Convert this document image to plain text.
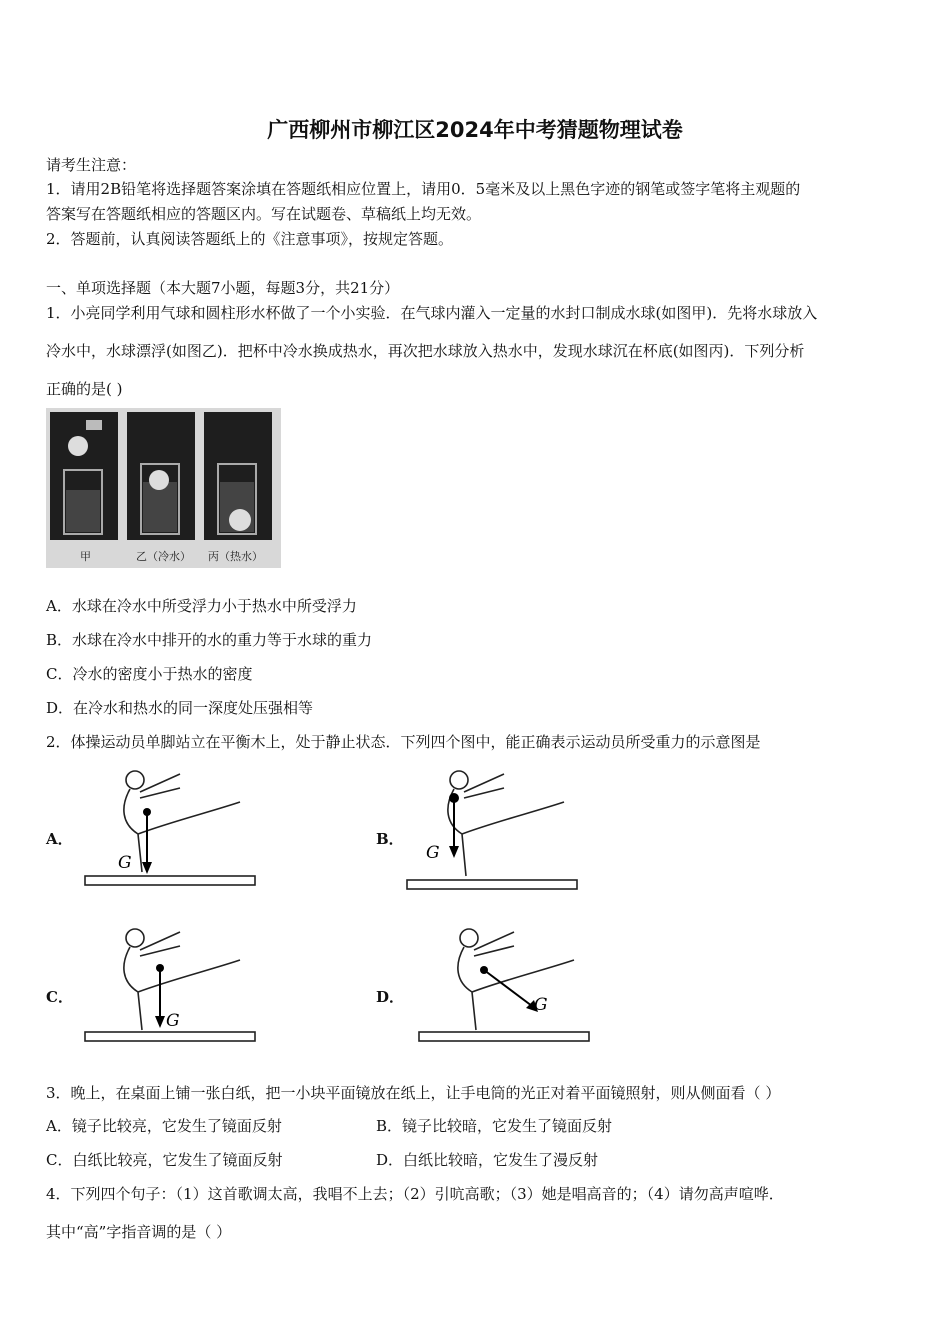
广西柳州市柳江区2024年中考猜题物理试卷
请考生注意：
1．请用2B铅笔将选择题答案涂填在答题纸相应位置上，请用0．5毫米及以上黑色字迹的钢笔或签字笔将主观题的
答案写在答题纸相应的答题区内。写在试题卷、草稿纸上均无效。
2．答题前，认真阅读答题纸上的《注意事项》，按规定答题。
一、单项选择题（本大题7小题，每题3分，共21分）
1．小亮同学利用气球和圆柱形水杯做了一个小实验．在气球内灌入一定量的水封口制成水球(如图甲)．先将水球放入
冷水中，水球漂浮(如图乙)．把杯中冷水换成热水，再次把水球放入热水中，发现水球沉在杯底(如图丙)．下列分析
正确的是( )
甲	乙（冷水） 丙（热水）
A．水球在冷水中所受浮力小于热水中所受浮力
B．水球在冷水中排开的水的重力等于水球的重力
C．冷水的密度小于热水的密度
D．在冷水和热水的同一深度处压强相等
2．体操运动员单脚站立在平衡木上，处于静止状态．下列四个图中，能正确表示运动员所受重力的示意图是
A．	B．
C．	D．
G	G
G
G
3．晚上，在桌面上铺一张白纸，把一小块平面镜放在纸上，让手电筒的光正对着平面镜照射，则从侧面看（ ）
A．镜子比较亮，它发生了镜面反射	B．镜子比较暗，它发生了镜面反射
C．白纸比较亮，它发生了镜面反射	D．白纸比较暗，它发生了漫反射
4．下列四个句子：（1）这首歌调太高，我唱不上去；（2）引吭高歌；（3）她是唱高音的；（4）请勿高声喧哗．
其中“高”字指音调的是（ ）
